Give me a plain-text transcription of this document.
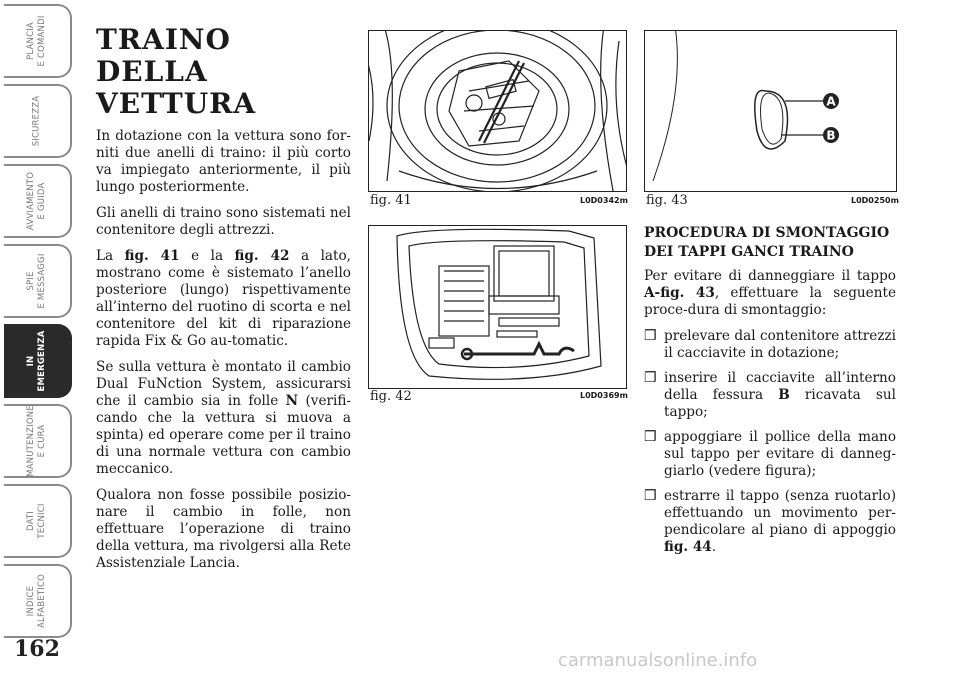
PLANCIA
E COMANDI
SICUREZZA
AVVIAMENTO
E GUIDA
SPIE
E MESSAGGI
IN
EMERGENZA
MANUTENZIONE
E CURA
DATI
TECNICI
INDICE
ALFABETICO
162
TRAINO DELLA
VETTURA

In dotazione con la vettura sono for-niti due anelli di traino: il più corto va impiegato anteriormente, il più lungo posteriormente.

Gli anelli di traino sono sistemati nel contenitore degli attrezzi.

La fig. 41 e la fig. 42 a lato, mostrano come è sistemato l’anello posteriore (lungo) rispettivamente all’interno del ruotino di scorta e nel contenitore del kit di riparazione rapida Fix & Go au-tomatic.

Se sulla vettura è montato il cambio Dual FuNction System, assicurarsi che il cambio sia in folle N (verifi-cando che la vettura si muova a spinta) ed operare come per il traino di una normale vettura con cambio meccanico.

Qualora non fosse possibile posizio-nare il cambio in folle, non effettuare l’operazione di traino della vettura, ma rivolgersi alla Rete Assistenziale Lancia.

fig. 41	L0D0342m
fig. 42	L0D0369m
A
B
fig. 43	L0D0250m
PROCEDURA DI SMONTAGGIO
DEI TAPPI GANCI TRAINO

Per evitare di danneggiare il tappo A-fig. 43, effettuare la seguente proce-dura di smontaggio:

❒ prelevare dal contenitore attrezzi il cacciavite in dotazione;
❒ inserire il cacciavite all’interno della fessura B ricavata sul tappo;
❒ appoggiare il pollice della mano sul tappo per evitare di danneg-giarlo (vedere figura);
❒ estrarre il tappo (senza ruotarlo) effettuando un movimento per-pendicolare al piano di appoggio fig. 44.
carmanualsonline.info
